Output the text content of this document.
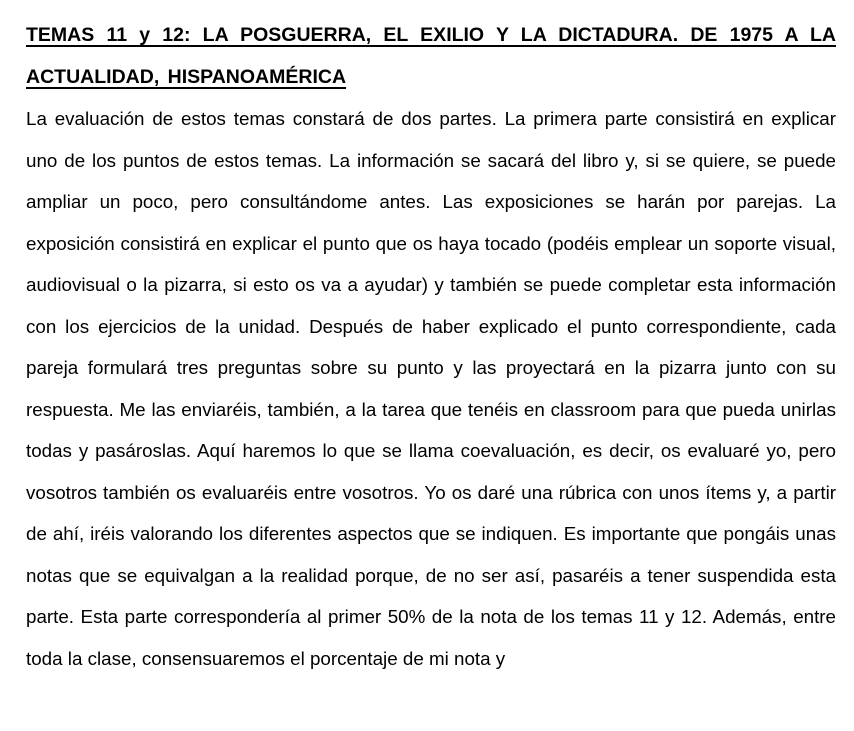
TEMAS 11 y 12: LA POSGUERRA, EL EXILIO Y LA DICTADURA. DE 1975 A LA ACTUALIDAD, HISPANOAMÉRICA

La evaluación de estos temas constará de dos partes. La primera parte consistirá en explicar uno de los puntos de estos temas. La información se sacará del libro y, si se quiere, se puede ampliar un poco, pero consultándome antes. Las exposiciones se harán por parejas. La exposición consistirá en explicar el punto que os haya tocado (podéis emplear un soporte visual, audiovisual o la pizarra, si esto os va a ayudar) y también se puede completar esta información con los ejercicios de la unidad. Después de haber explicado el punto correspondiente, cada pareja formulará tres preguntas sobre su punto y las proyectará en la pizarra junto con su respuesta. Me las enviaréis, también, a la tarea que tenéis en classroom para que pueda unirlas todas y pasároslas. Aquí haremos lo que se llama coevaluación, es decir, os evaluaré yo, pero vosotros también os evaluaréis entre vosotros. Yo os daré una rúbrica con unos ítems y, a partir de ahí, iréis valorando los diferentes aspectos que se indiquen. Es importante que pongáis unas notas que se equivalgan a la realidad porque, de no ser así, pasaréis a tener suspendida esta parte. Esta parte correspondería al primer 50% de la nota de los temas 11 y 12. Además, entre toda la clase, consensuaremos el porcentaje de mi nota y
